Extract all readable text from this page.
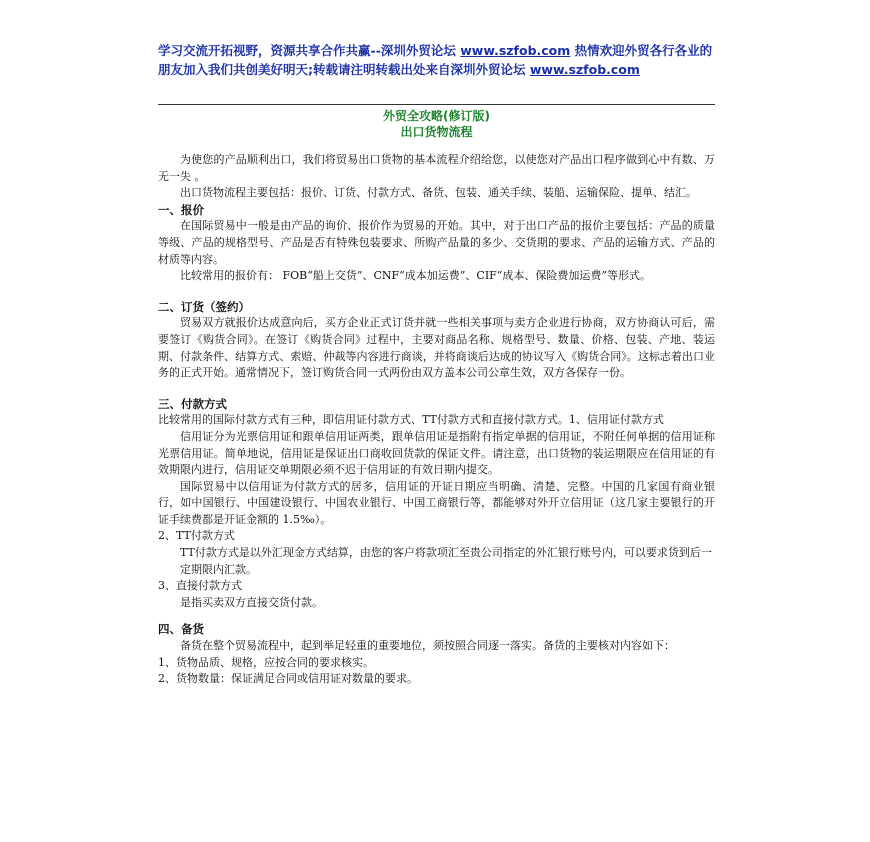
学习交流开拓视野，资源共享合作共赢--深圳外贸论坛 www.szfob.com 热情欢迎外贸各行各业的朋友加入我们共创美好明天;转载请注明转载出处来自深圳外贸论坛 www.szfob.com
外贸全攻略(修订版)
出口货物流程

为使您的产品顺利出口，我们将贸易出口货物的基本流程介绍给您，以使您对产品出口程序做到心中有数、万无一失 。

出口货物流程主要包括：报价、订货、付款方式、备货、包装、通关手续、装船、运输保险、提单、结汇。

一、报价

在国际贸易中一般是由产品的询价、报价作为贸易的开始。其中，对于出口产品的报价主要包括：产品的质量等级、产品的规格型号、产品是否有特殊包装要求、所购产品量的多少、交货期的要求、产品的运输方式、产品的材质等内容。

比较常用的报价有： FOB“船上交货”、CNF“成本加运费”、CIF“成本、保险费加运费”等形式。

二、订货（签约）

贸易双方就报价达成意向后，买方企业正式订货并就一些相关事项与卖方企业进行协商，双方协商认可后，需要签订《购货合同》。在签订《购货合同》过程中，主要对商品名称、规格型号、数量、价格、包装、产地、装运期、付款条件、结算方式、索赔、仲裁等内容进行商谈，并将商谈后达成的协议写入《购货合同》。这标志着出口业务的正式开始。通常情况下，签订购货合同一式两份由双方盖本公司公章生效，双方各保存一份。

三、付款方式

比较常用的国际付款方式有三种，即信用证付款方式、TT付款方式和直接付款方式。1、信用证付款方式

信用证分为光票信用证和跟单信用证两类，跟单信用证是指附有指定单据的信用证，不附任何单据的信用证称光票信用证。简单地说，信用证是保证出口商收回货款的保证文件。请注意，出口货物的装运期限应在信用证的有效期限内进行，信用证交单期限必须不迟于信用证的有效日期内提交。

国际贸易中以信用证为付款方式的居多，信用证的开证日期应当明确、清楚、完整。中国的几家国有商业银行，如中国银行、中国建设银行、中国农业银行、中国工商银行等，都能够对外开立信用证（这几家主要银行的开证手续费都是开证金额的 1.5‰）。

2、TT付款方式

TT付款方式是以外汇现金方式结算，由您的客户将款项汇至贵公司指定的外汇银行账号内，可以要求货到后一定期限内汇款。

3、直接付款方式

是指买卖双方直接交货付款。

四、备货

备货在整个贸易流程中，起到举足轻重的重要地位，须按照合同逐一落实。备货的主要核对内容如下：

1、货物品质、规格，应按合同的要求核实。

2、货物数量：保证满足合同或信用证对数量的要求。
